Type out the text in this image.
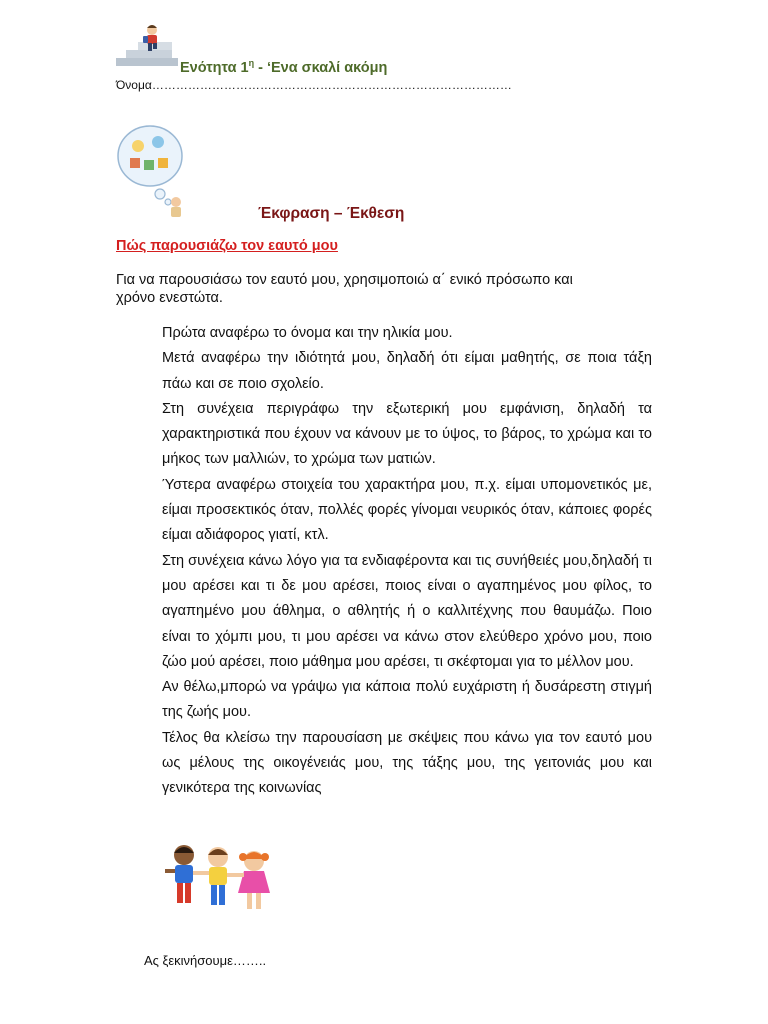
Ενότητα $1^\eta$ - ‘Ενα σκαλί ακόμη
Όνομα………………………………………………………………………………
Έκφραση – Έκθεση
Πώς παρουσιάζω τον εαυτό μου

Για να παρουσιάσω τον εαυτό μου, χρησιμοποιώ α΄ ενικό πρόσωπο και

χρόνο ενεστώτα.

Πρώτα αναφέρω το όνομα και την ηλικία μου.

Μετά αναφέρω την ιδιότητά μου, δηλαδή ότι είμαι μαθητής, σε ποια τάξη πάω και σε ποιο σχολείο.

Στη συνέχεια περιγράφω την εξωτερική μου εμφάνιση, δηλαδή τα χαρακτηριστικά που έχουν να κάνουν με το ύψος, το βάρος, το χρώμα και το μήκος των μαλλιών, το χρώμα των ματιών.

Ύστερα αναφέρω στοιχεία του χαρακτήρα μου, π.χ. είμαι υπομονετικός με, είμαι προσεκτικός όταν, πολλές φορές γίνομαι νευρικός όταν, κάποιες φορές είμαι αδιάφορος γιατί, κτλ.

Στη συνέχεια κάνω λόγο για τα ενδιαφέροντα και τις συνήθειές μου,δηλαδή τι μου αρέσει και τι δε μου αρέσει, ποιος είναι ο αγαπημένος μου φίλος, το αγαπημένο μου άθλημα, ο αθλητής ή ο καλλιτέχνης που θαυμάζω. Ποιο είναι το χόμπι μου, τι μου αρέσει να κάνω στον ελεύθερο χρόνο μου, ποιο ζώο μού αρέσει, ποιο μάθημα μου αρέσει, τι σκέφτομαι για το μέλλον μου.

Αν θέλω,μπορώ να γράψω για κάποια πολύ ευχάριστη ή δυσάρεστη στιγμή της ζωής μου.

Τέλος θα κλείσω την παρουσίαση με σκέψεις που κάνω για τον εαυτό μου ως μέλους της οικογένειάς μου, της τάξης μου, της γειτονιάς μου και γενικότερα της κοινωνίας

Ας ξεκινήσουμε……..
